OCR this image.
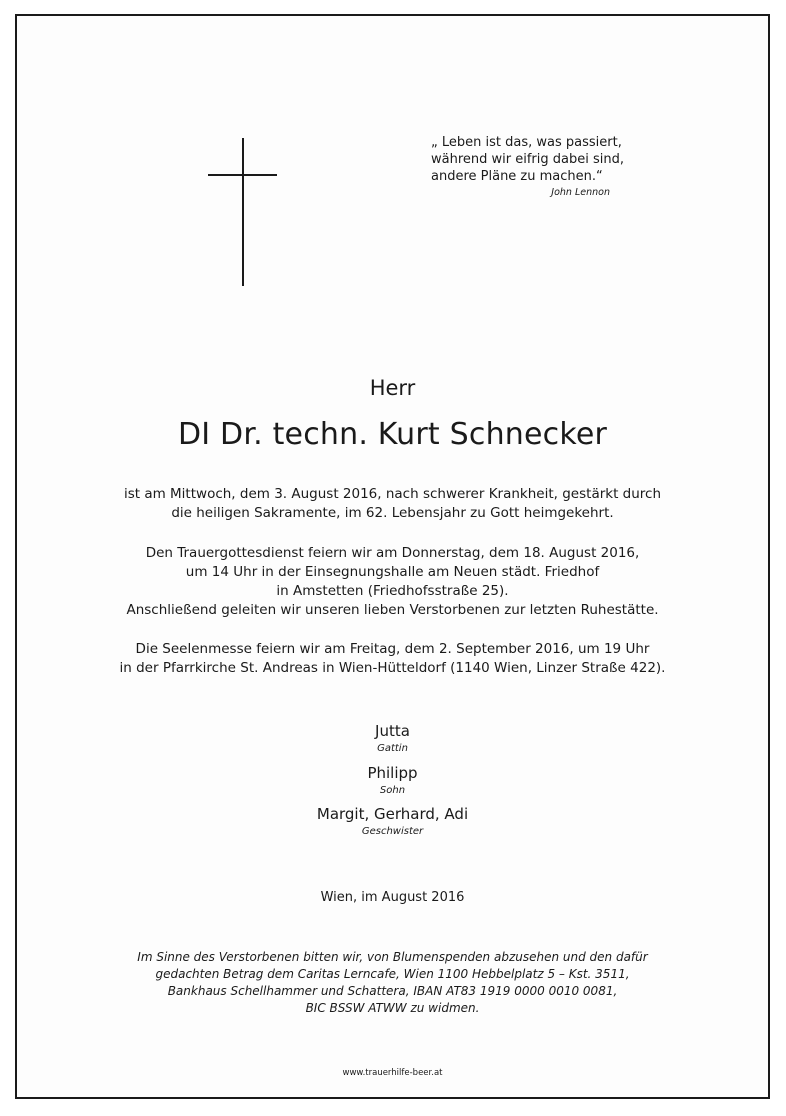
„ Leben ist das, was passiert,
während wir eifrig dabei sind,
andere Pläne zu machen.“
John Lennon
Herr
DI Dr. techn. Kurt Schnecker
ist am Mittwoch, dem 3. August 2016, nach schwerer Krankheit, gestärkt durch
die heiligen Sakramente, im 62. Lebensjahr zu Gott heimgekehrt.
Den Trauergottesdienst feiern wir am Donnerstag, dem 18. August 2016,
um 14 Uhr in der Einsegnungshalle am Neuen städt. Friedhof
in Amstetten (Friedhofsstraße 25).
Anschließend geleiten wir unseren lieben Verstorbenen zur letzten Ruhestätte.
Die Seelenmesse feiern wir am Freitag, dem 2. September 2016, um 19 Uhr
in der Pfarrkirche St. Andreas in Wien-Hütteldorf (1140 Wien, Linzer Straße 422).
Jutta
Gattin
Philipp
Sohn
Margit, Gerhard, Adi
Geschwister
Wien, im August 2016
Im Sinne des Verstorbenen bitten wir, von Blumenspenden abzusehen und den dafür
gedachten Betrag dem Caritas Lerncafe, Wien 1100 Hebbelplatz 5 – Kst. 3511,
Bankhaus Schellhammer und Schattera, IBAN AT83 1919 0000 0010 0081,
BIC BSSW ATWW zu widmen.
www.trauerhilfe-beer.at
